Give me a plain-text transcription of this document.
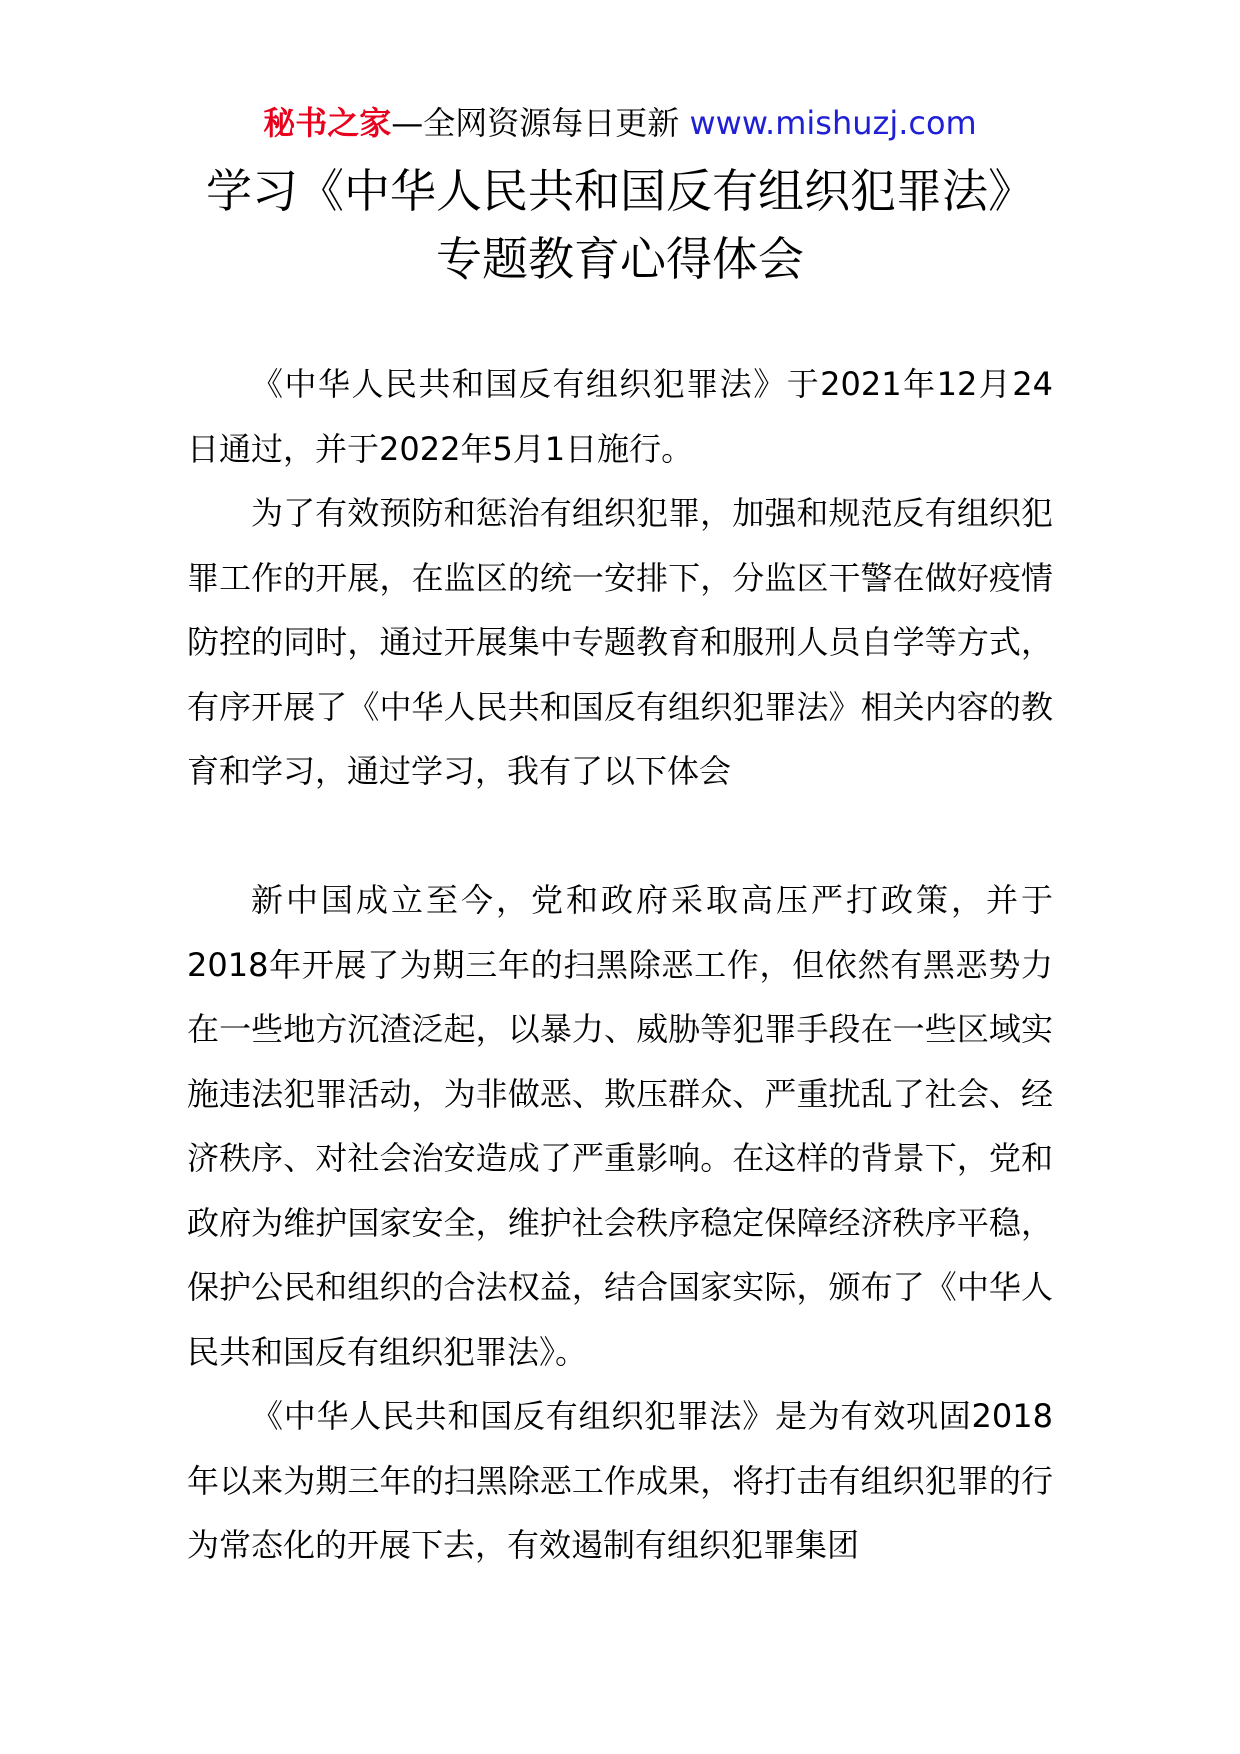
秘书之家—全网资源每日更新 www.mishuzj.com
学习《中华人民共和国反有组织犯罪法》
专题教育心得体会

《中华人民共和国反有组织犯罪法》于2021年12月24日通过，并于2022年5月1日施行。

为了有效预防和惩治有组织犯罪，加强和规范反有组织犯罪工作的开展，在监区的统一安排下，分监区干警在做好疫情防控的同时，通过开展集中专题教育和服刑人员自学等方式，有序开展了《中华人民共和国反有组织犯罪法》相关内容的教育和学习，通过学习，我有了以下体会

新中国成立至今，党和政府采取高压严打政策，并于2018年开展了为期三年的扫黑除恶工作，但依然有黑恶势力在一些地方沉渣泛起，以暴力、威胁等犯罪手段在一些区域实施违法犯罪活动，为非做恶、欺压群众、严重扰乱了社会、经济秩序、对社会治安造成了严重影响。在这样的背景下，党和政府为维护国家安全，维护社会秩序稳定保障经济秩序平稳，保护公民和组织的合法权益，结合国家实际，颁布了《中华人民共和国反有组织犯罪法》。

《中华人民共和国反有组织犯罪法》是为有效巩固2018年以来为期三年的扫黑除恶工作成果，将打击有组织犯罪的行为常态化的开展下去，有效遏制有组织犯罪集团
